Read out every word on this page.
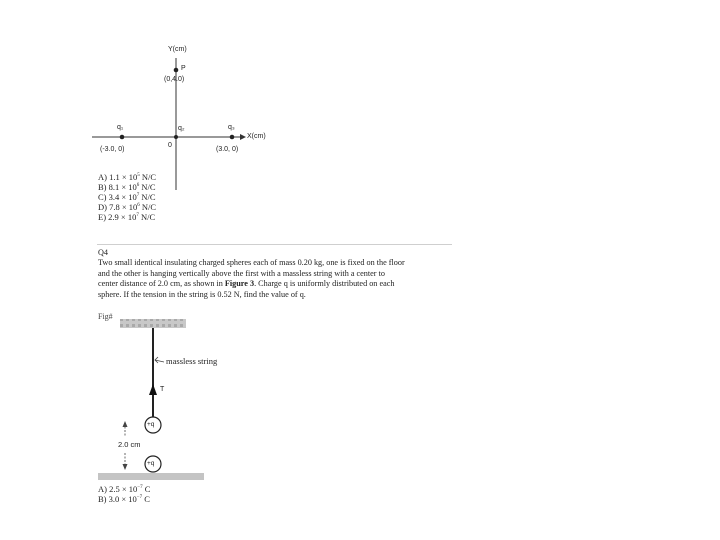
Y(cm)
P
(0,4.0)
q₁	q₂	q₃
X(cm)
0
(-3.0, 0)	(3.0, 0)
A) $1.1 \times 10^5$ N/C
B) $8.1 \times 10^6$ N/C
C) $3.4 \times 10^7$ N/C
D) $7.8 \times 10^6$ N/C
E) $2.9 \times 10^7$ N/C
Q4
Two small identical insulating charged spheres each of mass 0.20 kg, one is fixed on the floor
and the other is hanging vertically above the first with a massless string with a center to
center distance of 2.0 cm, as shown in Figure 3. Charge q is uniformly distributed on each
sphere. If the tension in the string is 0.52 N, find the value of q.
Fig#
massless string
T
2.0 cm
+q
+q
A) $2.5 \times 10^{-7}$ C
B) $3.0 \times 10^{-7}$ C
